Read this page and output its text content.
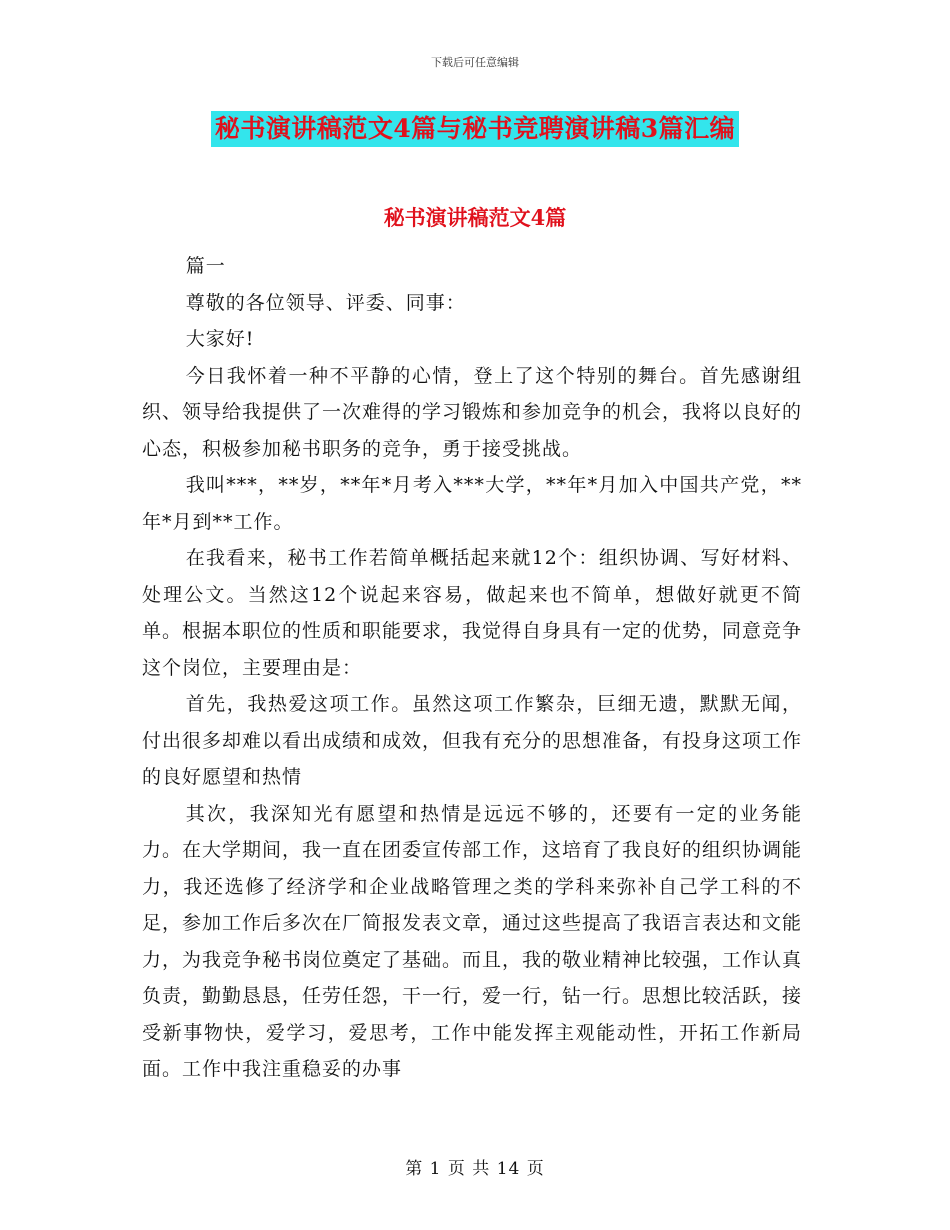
下载后可任意编辑
秘书演讲稿范文4篇与秘书竞聘演讲稿3篇汇编
秘书演讲稿范文4篇

篇一

尊敬的各位领导、评委、同事：

大家好!

今日我怀着一种不平静的心情，登上了这个特别的舞台。首先感谢组织、领导给我提供了一次难得的学习锻炼和参加竞争的机会，我将以良好的心态，积极参加秘书职务的竞争，勇于接受挑战。

我叫***，**岁，**年*月考入***大学，**年*月加入中国共产党，**年*月到**工作。

在我看来，秘书工作若简单概括起来就12个：组织协调、写好材料、处理公文。当然这12个说起来容易，做起来也不简单，想做好就更不简单。根据本职位的性质和职能要求，我觉得自身具有一定的优势，同意竞争这个岗位，主要理由是：

首先，我热爱这项工作。虽然这项工作繁杂，巨细无遗，默默无闻，付出很多却难以看出成绩和成效，但我有充分的思想准备，有投身这项工作的良好愿望和热情

其次，我深知光有愿望和热情是远远不够的，还要有一定的业务能力。在大学期间，我一直在团委宣传部工作，这培育了我良好的组织协调能力，我还选修了经济学和企业战略管理之类的学科来弥补自己学工科的不足，参加工作后多次在厂简报发表文章，通过这些提高了我语言表达和文能力，为我竞争秘书岗位奠定了基础。而且，我的敬业精神比较强，工作认真负责，勤勤恳恳，任劳任怨，干一行，爱一行，钻一行。思想比较活跃，接受新事物快，爱学习，爱思考，工作中能发挥主观能动性，开拓工作新局面。工作中我注重稳妥的办事

第 1 页 共 14 页
